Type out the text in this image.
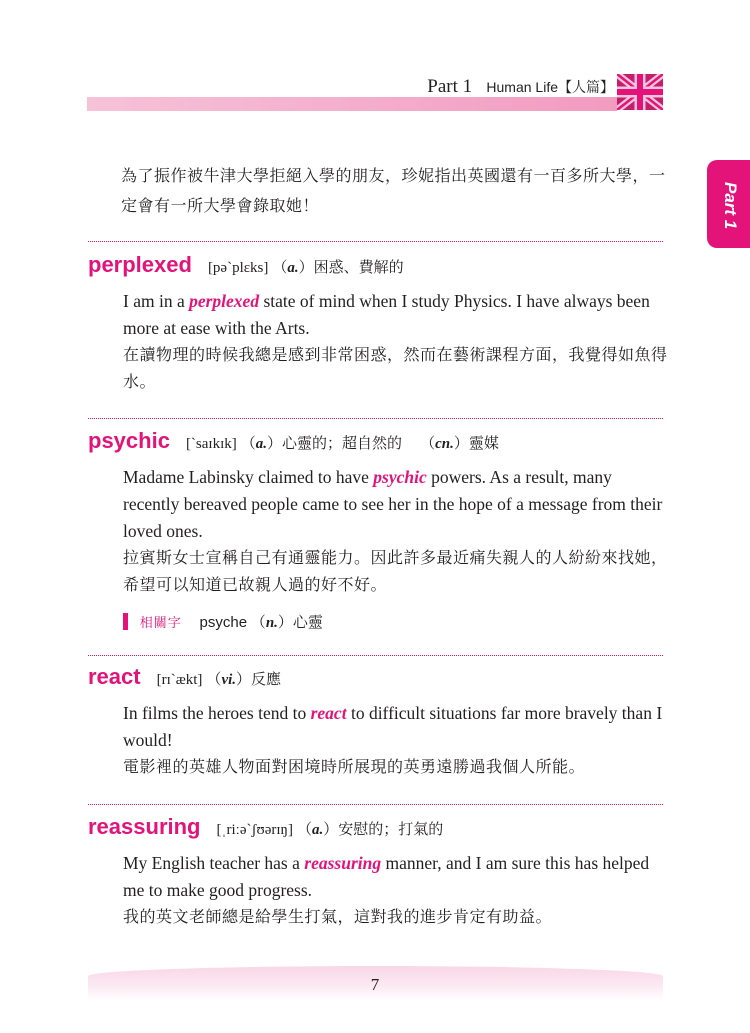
Part 1 Human Life【人篇】
Part 1
為了振作被牛津大學拒絕入學的朋友，珍妮指出英國還有一百多所大學，一定會有一所大學會錄取她！
perplexed [pə`plɛks] （a.）困惑、費解的
I am in a perplexed state of mind when I study Physics. I have always been more at ease with the Arts.
在讀物理的時候我總是感到非常困惑，然而在藝術課程方面，我覺得如魚得水。
psychic [`saɪkɪk] （a.）心靈的；超自然的 （cn.）靈媒
Madame Labinsky claimed to have psychic powers. As a result, many recently bereaved people came to see her in the hope of a message from their loved ones.
拉賓斯女士宣稱自己有通靈能力。因此許多最近痛失親人的人紛紛來找她，希望可以知道已故親人過的好不好。
相關字 psyche （n.）心靈
react [rɪ`ækt] （vi.）反應
In films the heroes tend to react to difficult situations far more bravely than I would!
電影裡的英雄人物面對困境時所展現的英勇遠勝過我個人所能。
reassuring [ˌriːə`ʃʊərɪŋ] （a.）安慰的；打氣的
My English teacher has a reassuring manner, and I am sure this has helped me to make good progress.
我的英文老師總是給學生打氣，這對我的進步肯定有助益。
7
